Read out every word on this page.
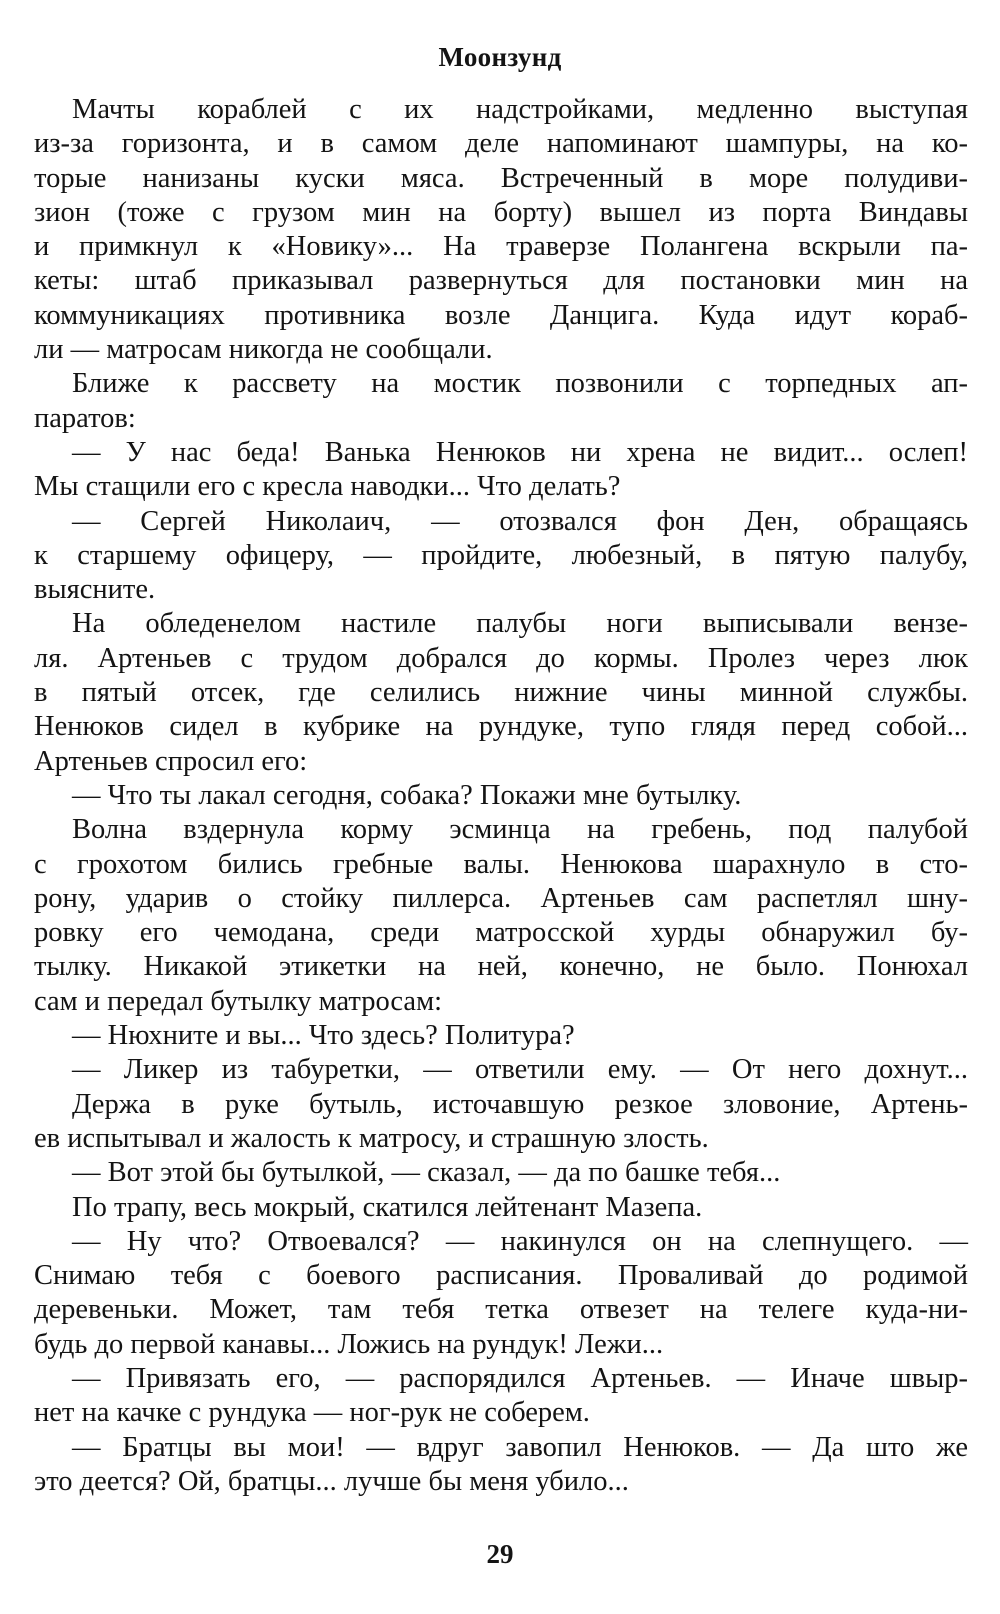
Моонзунд
Мачты кораблей с их надстройками, медленно выступая
из-за горизонта, и в самом деле напоминают шампуры, на ко-
торые нанизаны куски мяса. Встреченный в море полудиви-
зион (тоже с грузом мин на борту) вышел из порта Виндавы
и примкнул к «Новику»... На траверзе Полангена вскрыли па-
кеты: штаб приказывал развернуться для постановки мин на
коммуникациях противника возле Данцига. Куда идут кораб-
ли — матросам никогда не сообщали.
Ближе к рассвету на мостик позвонили с торпедных ап-
паратов:
— У нас беда! Ванька Ненюков ни хрена не видит... ослеп!
Мы стащили его с кресла наводки... Что делать?
— Сергей Николаич, — отозвался фон Ден, обращаясь
к старшему офицеру, — пройдите, любезный, в пятую палубу,
выясните.
На обледенелом настиле палубы ноги выписывали вензе-
ля. Артеньев с трудом добрался до кормы. Пролез через люк
в пятый отсек, где селились нижние чины минной службы.
Ненюков сидел в кубрике на рундуке, тупо глядя перед собой...
Артеньев спросил его:
— Что ты лакал сегодня, собака? Покажи мне бутылку.
Волна вздернула корму эсминца на гребень, под палубой
с грохотом бились гребные валы. Ненюкова шарахнуло в сто-
рону, ударив о стойку пиллерса. Артеньев сам распетлял шну-
ровку его чемодана, среди матросской хурды обнаружил бу-
тылку. Никакой этикетки на ней, конечно, не было. Понюхал
сам и передал бутылку матросам:
— Нюхните и вы... Что здесь? Политура?
— Ликер из табуретки, — ответили ему. — От него дохнут...
Держа в руке бутыль, источавшую резкое зловоние, Артень-
ев испытывал и жалость к матросу, и страшную злость.
— Вот этой бы бутылкой, — сказал, — да по башке тебя...
По трапу, весь мокрый, скатился лейтенант Мазепа.
— Ну что? Отвоевался? — накинулся он на слепнущего. —
Снимаю тебя с боевого расписания. Проваливай до родимой
деревеньки. Может, там тебя тетка отвезет на телеге куда-ни-
будь до первой канавы... Ложись на рундук! Лежи...
— Привязать его, — распорядился Артеньев. — Иначе швыр-
нет на качке с рундука — ног-рук не соберем.
— Братцы вы мои! — вдруг завопил Ненюков. — Да што же
это деется? Ой, братцы... лучше бы меня убило...
29
